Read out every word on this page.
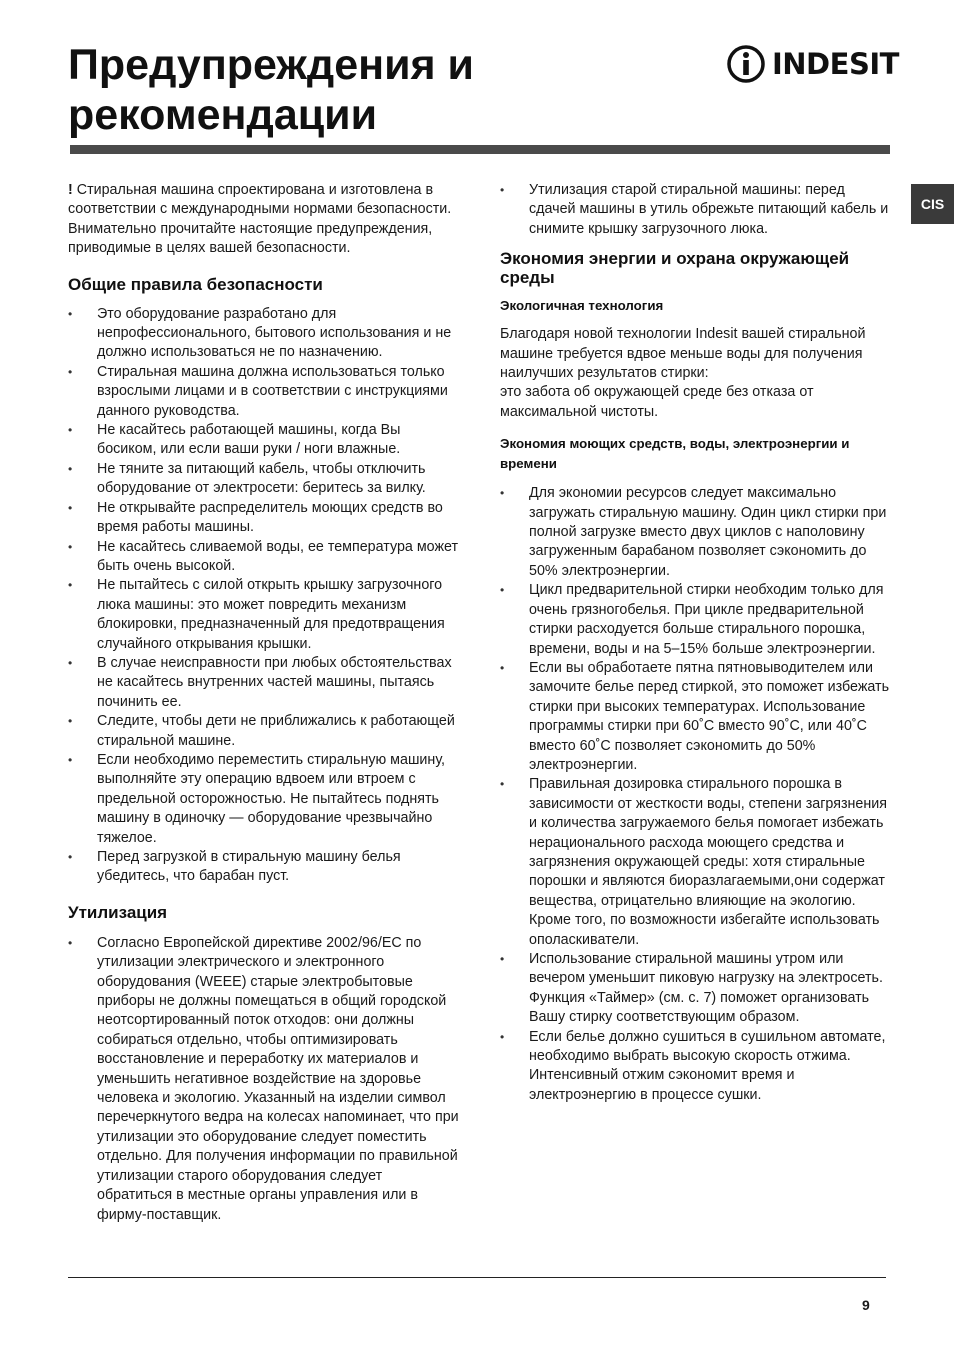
Предупреждения и
рекомендации
INDESIT
CIS

! Стиральная машина спроектирована и изготовлена в соответствии с международными нормами безопасности. Внимательно прочитайте настоящие предупреждения,

приводимые в целях вашей безопасности.

Общие правила безопасности
• Это оборудование разработано для непрофессионального, бытового использования и не должно использоваться не по назначению.
• Стиральная машина должна использоваться только взрослыми лицами и в соответствии с инструкциями данного руководства.
• Не касайтесь работающей машины, когда Вы босиком, или если ваши руки / ноги влажные.
• Не тяните за питающий кабель, чтобы отключить оборудование от электросети: беритесь за вилку.
• Не открывайте распределитель моющих средств во время работы машины.
• Не касайтесь сливаемой воды, ее температура может быть очень высокой.
• Не пытайтесь с силой открыть крышку загрузочного люка машины: это может повредить механизм блокировки, предназначенный для предотвращения случайного открывания крышки.
• В случае неисправности при любых обстоятельствах не касайтесь внутренних частей машины, пытаясь починить ее.
• Следите, чтобы дети не приближались к работающей стиральной машине.
• Если необходимо переместить стиральную машину, выполняйте эту операцию вдвоем или втроем с предельной осторожностью. Не пытайтесь поднять машину в одиночку — оборудование чрезвычайно тяжелое.
• Перед загрузкой в стиральную машину белья убедитесь, что барабан пуст.
Утилизация
• Согласно Европейской директиве 2002/96/EC по утилизации электрического и электронного оборудования (WEEE) старые электробытовые приборы не должны помещаться в общий городской неотсортированный поток отходов: они должны собираться отдельно, чтобы оптимизировать восстановление и переработку их материалов и уменьшить негативное воздействие на здоровье человека и экологию. Указанный на изделии символ перечеркнутого ведра на колесах напоминает, что при утилизации это оборудование следует поместить отдельно. Для получения информации по правильной утилизации старого оборудования следует обратиться в местные органы управления или в фирму-поставщик.
• Утилизация старой стиральной машины: перед сдачей машины в утиль обрежьте питающий кабель и снимите крышку загрузочного люка.
Экономия энергии и охрана окружающей среды
Экологичная технология

Благодаря новой технологии Indesit вашей стиральной машине требуется вдвое меньше воды для получения наилучших результатов стирки:

это забота об окружающей среде без отказа от максимальной чистоты.

Экономия моющих средств, воды, электроэнергии и времени
• Для экономии ресурсов следует максимально загружать стиральную машину. Один цикл стирки при полной загрузке вместо двух циклов с наполовину загруженным барабаном позволяет сэкономить до 50% электроэнергии.
• Цикл предварительной стирки необходим только для очень грязногобелья. При цикле предварительной стирки расходуется больше стирального порошка, времени, воды и на 5–15% больше электроэнергии.
• Если вы обработаете пятна пятновыводителем или замочите белье перед стиркой, это поможет избежать стирки при высоких температурах. Использование программы стирки при 60˚С вместо 90˚С, или 40˚С вместо 60˚С позволяет сэкономить до 50% электроэнергии.
• Правильная дозировка стирального порошка в зависимости от жесткости воды, степени загрязнения и количества загружаемого белья помогает избежать нерационального расхода моющего средства и загрязнения окружающей среды: хотя стиральные порошки и являются биоразлагаемыми,они содержат вещества, отрицательно влияющие на экологию. Кроме того, по возможности избегайте использовать ополаскиватели.
• Использование стиральной машины утром или вечером уменьшит пиковую нагрузку на электросеть. Функция «Таймер» (см. с. 7) поможет организовать Вашу стирку соответствующим образом.
• Если белье должно сушиться в сушильном автомате, необходимо выбрать высокую скорость отжима. Интенсивный отжим сэкономит время и электроэнергию в процессе сушки.
9
